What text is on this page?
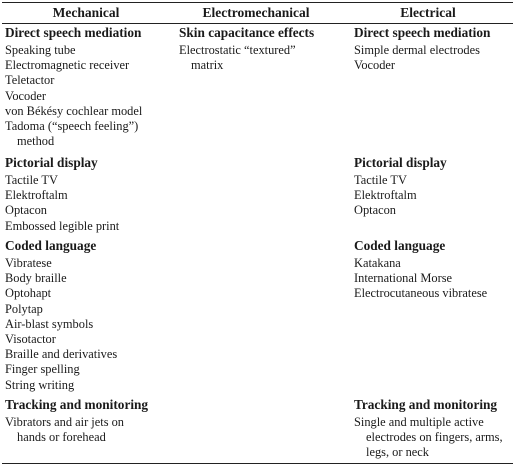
Mechanical	Electromechanical	Electrical
Direct speech mediation
Speaking tube
Electromagnetic receiver
Teletactor
Vocoder
von Békésy cochlear model
Tadoma (“speech feeling”)
method
Pictorial display
Tactile TV
Elektroftalm
Optacon
Embossed legible print
Coded language
Vibratese
Body braille
Optohapt
Polytap
Air-blast symbols
Visotactor
Braille and derivatives
Finger spelling
String writing
Tracking and monitoring
Vibrators and air jets on
hands or forehead
Skin capacitance effects
Electrostatic “textured”
matrix
Direct speech mediation
Simple dermal electrodes
Vocoder
Pictorial display
Tactile TV
Elektroftalm
Optacon
Coded language
Katakana
International Morse
Electrocutaneous vibratese
Tracking and monitoring
Single and multiple active
electrodes on fingers, arms,
legs, or neck
